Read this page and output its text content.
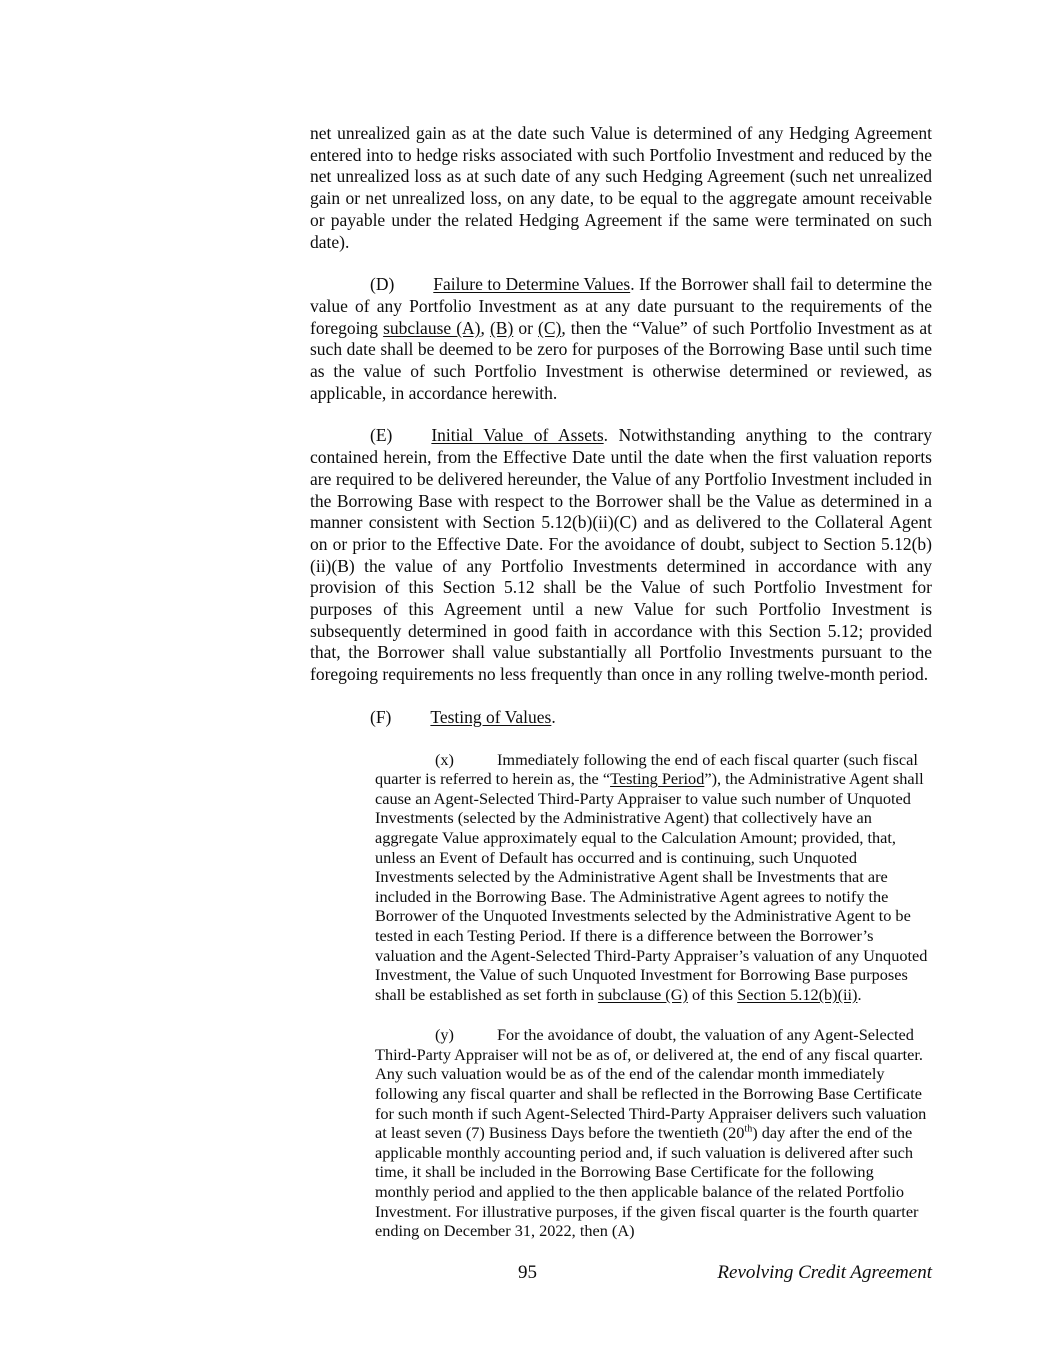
net unrealized gain as at the date such Value is determined of any Hedging Agreement entered into to hedge risks associated with such Portfolio Investment and reduced by the net unrealized loss as at such date of any such Hedging Agreement (such net unrealized gain or net unrealized loss, on any date, to be equal to the aggregate amount receivable or payable under the related Hedging Agreement if the same were terminated on such date).

(D) Failure to Determine Values. If the Borrower shall fail to determine the value of any Portfolio Investment as at any date pursuant to the requirements of the foregoing subclause (A), (B) or (C), then the “Value” of such Portfolio Investment as at such date shall be deemed to be zero for purposes of the Borrowing Base until such time as the value of such Portfolio Investment is otherwise determined or reviewed, as applicable, in accordance herewith.

(E) Initial Value of Assets. Notwithstanding anything to the contrary contained herein, from the Effective Date until the date when the first valuation reports are required to be delivered hereunder, the Value of any Portfolio Investment included in the Borrowing Base with respect to the Borrower shall be the Value as determined in a manner consistent with Section 5.12(b)(ii)(C) and as delivered to the Collateral Agent on or prior to the Effective Date. For the avoidance of doubt, subject to Section 5.12(b)(ii)(B) the value of any Portfolio Investments determined in accordance with any provision of this Section 5.12 shall be the Value of such Portfolio Investment for purposes of this Agreement until a new Value for such Portfolio Investment is subsequently determined in good faith in accordance with this Section 5.12; provided that, the Borrower shall value substantially all Portfolio Investments pursuant to the foregoing requirements no less frequently than once in any rolling twelve-month period.

(F) Testing of Values.

(x)	Immediately following the end of each fiscal quarter (such fiscal quarter is referred to herein as, the “Testing Period”), the Administrative Agent shall cause an Agent-Selected Third-Party Appraiser to value such number of Unquoted Investments (selected by the Administrative Agent) that collectively have an aggregate Value approximately equal to the Calculation Amount; provided, that, unless an Event of Default has occurred and is continuing, such Unquoted Investments selected by the Administrative Agent shall be Investments that are included in the Borrowing Base. The Administrative Agent agrees to notify the Borrower of the Unquoted Investments selected by the Administrative Agent to be tested in each Testing Period. If there is a difference between the Borrower’s valuation and the Agent-Selected Third-Party Appraiser’s valuation of any Unquoted Investment, the Value of such Unquoted Investment for Borrowing Base purposes shall be established as set forth in subclause (G) of this Section 5.12(b)(ii).

(y)	For the avoidance of doubt, the valuation of any Agent-Selected Third-Party Appraiser will not be as of, or delivered at, the end of any fiscal quarter. Any such valuation would be as of the end of the calendar month immediately following any fiscal quarter and shall be reflected in the Borrowing Base Certificate for such month if such Agent-Selected Third-Party Appraiser delivers such valuation at least seven (7) Business Days before the twentieth (20th) day after the end of the applicable monthly accounting period and, if such valuation is delivered after such time, it shall be included in the Borrowing Base Certificate for the following monthly period and applied to the then applicable balance of the related Portfolio Investment. For illustrative purposes, if the given fiscal quarter is the fourth quarter ending on December 31, 2022, then (A)

95	Revolving Credit Agreement
